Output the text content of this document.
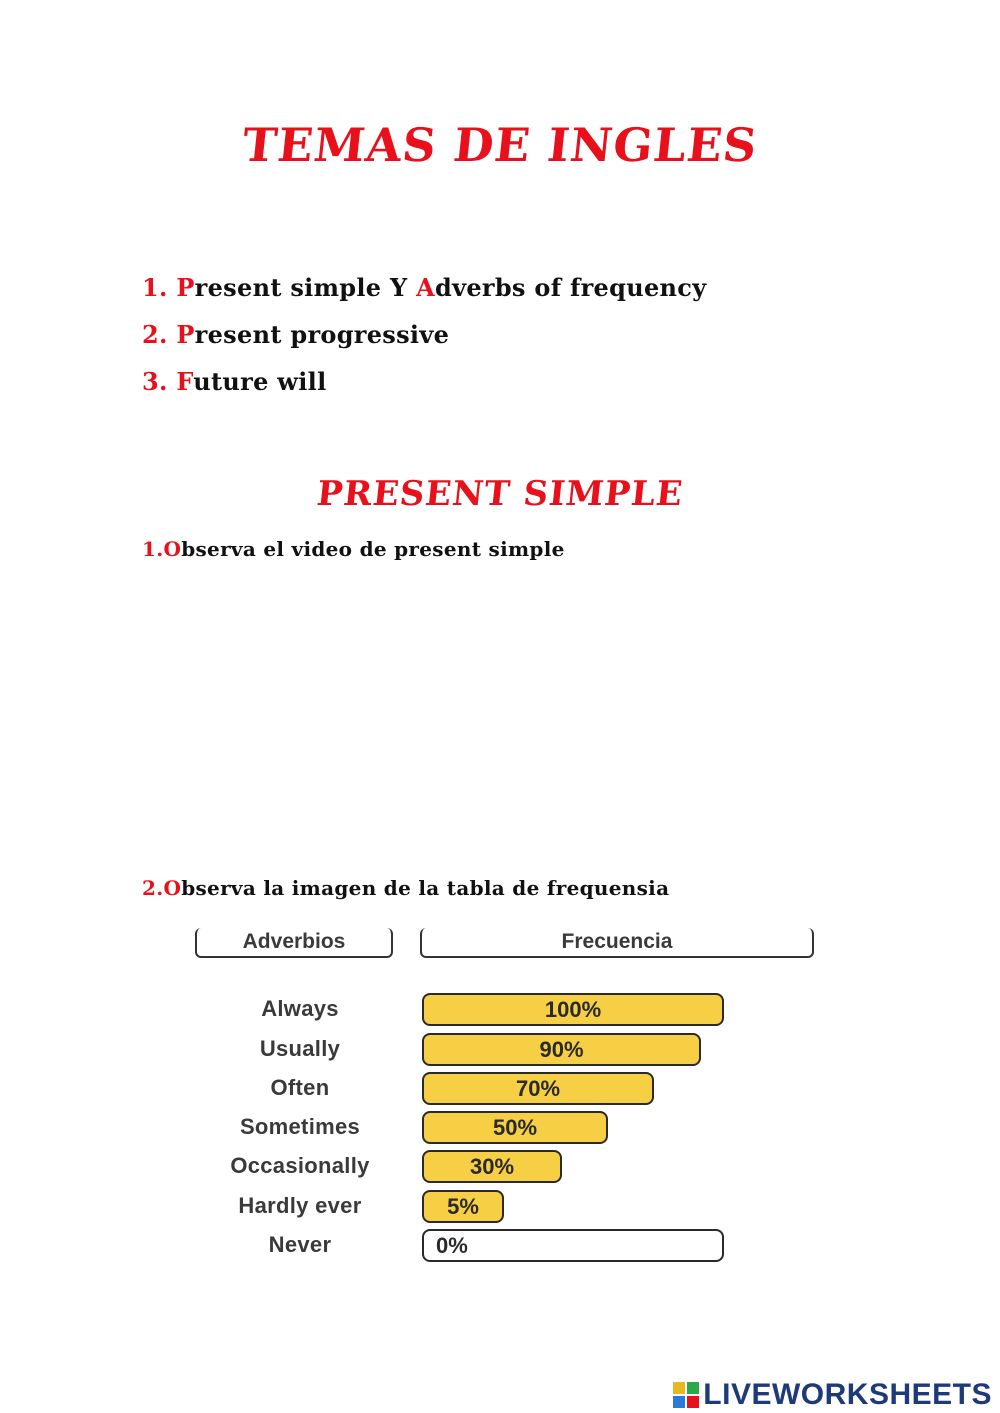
TEMAS DE INGLES
1. Present simple Y Adverbs of frequency
2. Present progressive
3. Future will
PRESENT SIMPLE
1.Observa el video de present simple
2.Observa la imagen de la tabla de frequensia
Adverbios	Frecuencia
Always
Usually
Often
Sometimes
Occasionally
Hardly ever
Never
100%
90%
70%
50%
30%
5%
0%
LIVEWORKSHEETS
